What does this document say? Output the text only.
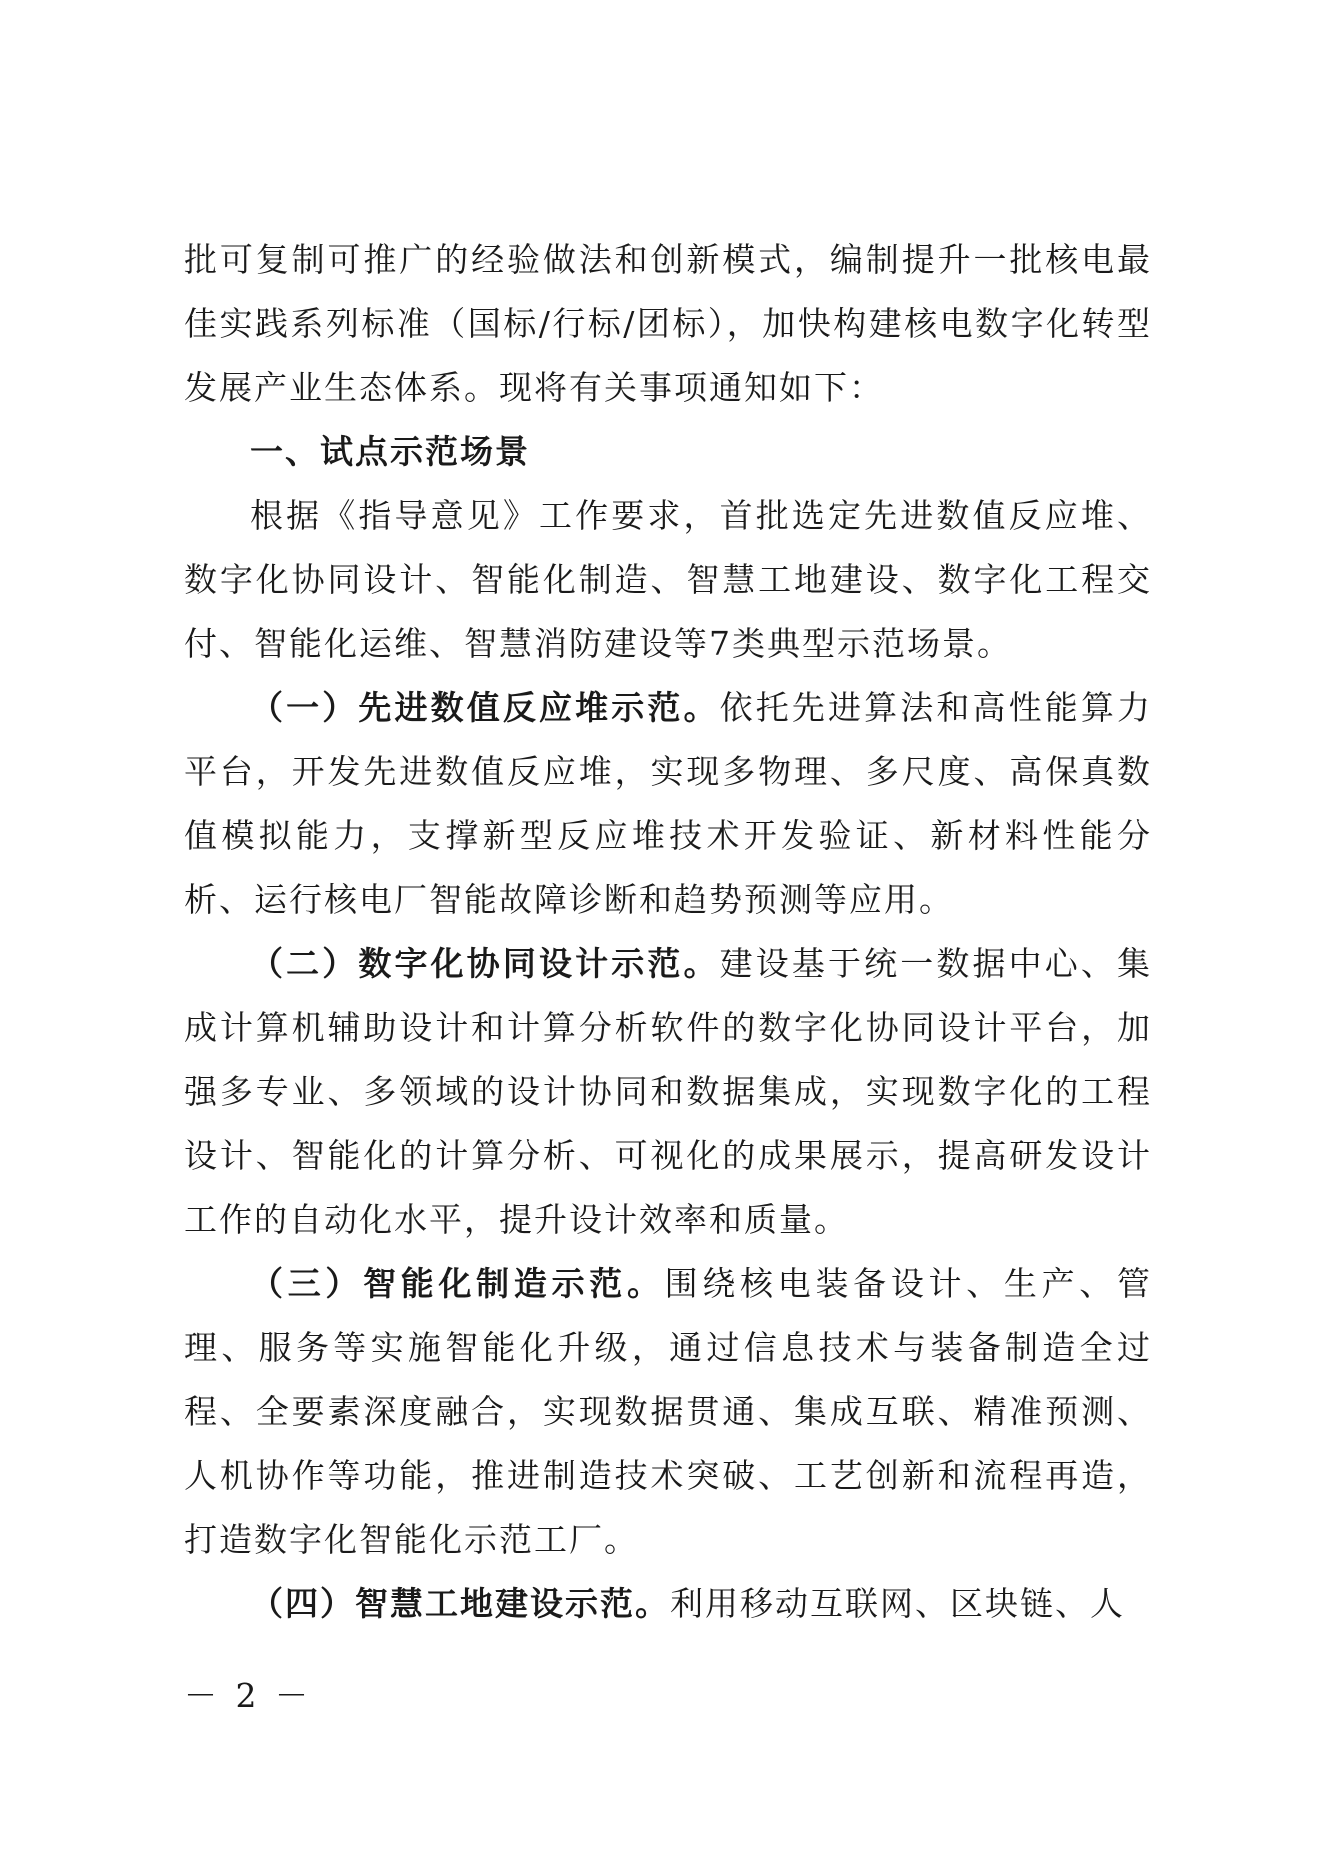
批可复制可推广的经验做法和创新模式，编制提升一批核电最佳实践系列标准（国标/行标/团标），加快构建核电数字化转型发展产业生态体系。现将有关事项通知如下：

一、试点示范场景

根据《指导意见》工作要求，首批选定先进数值反应堆、数字化协同设计、智能化制造、智慧工地建设、数字化工程交付、智能化运维、智慧消防建设等7类典型示范场景。

（一）先进数值反应堆示范。依托先进算法和高性能算力平台，开发先进数值反应堆，实现多物理、多尺度、高保真数值模拟能力，支撑新型反应堆技术开发验证、新材料性能分析、运行核电厂智能故障诊断和趋势预测等应用。

（二）数字化协同设计示范。建设基于统一数据中心、集成计算机辅助设计和计算分析软件的数字化协同设计平台，加强多专业、多领域的设计协同和数据集成，实现数字化的工程设计、智能化的计算分析、可视化的成果展示，提高研发设计工作的自动化水平，提升设计效率和质量。

（三）智能化制造示范。围绕核电装备设计、生产、管理、服务等实施智能化升级，通过信息技术与装备制造全过程、全要素深度融合，实现数据贯通、集成互联、精准预测、人机协作等功能，推进制造技术突破、工艺创新和流程再造，打造数字化智能化示范工厂。

（四）智慧工地建设示范。利用移动互联网、区块链、人

－ 2 －
